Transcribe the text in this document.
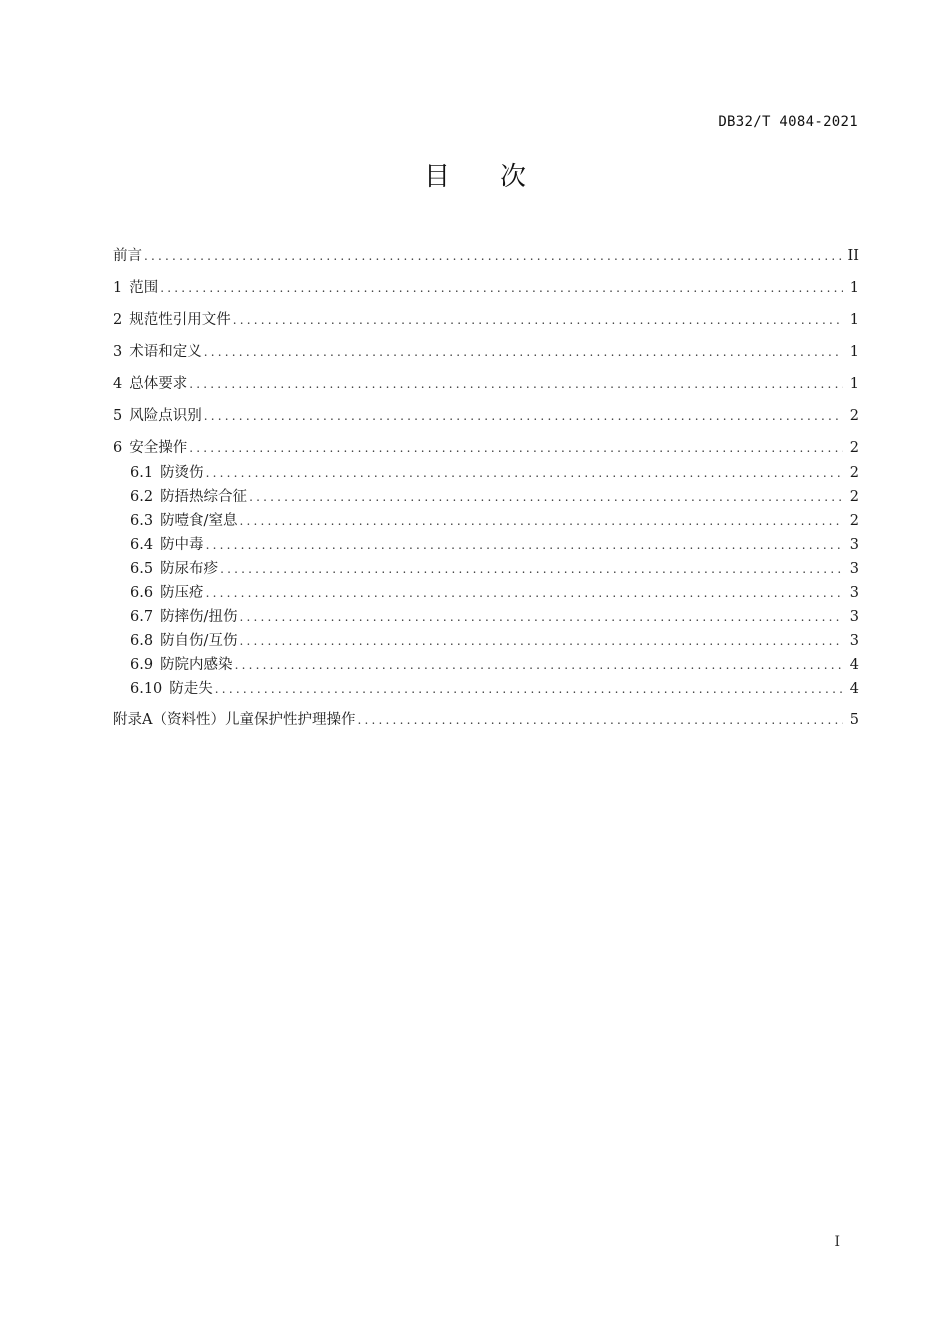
DB32/T 4084-2021
目 次
前言 .....	II
1 范围 .....	1
2 规范性引用文件 .....	1
3 术语和定义 .....	1
4 总体要求 .....	1
5 风险点识别 .....	2
6 安全操作 .....	2
6.1 防烫伤 .....	2
6.2 防捂热综合征 .....	2
6.3 防噎食/窒息 .....	2
6.4 防中毒 .....	3
6.5 防尿布疹 .....	3
6.6 防压疮 .....	3
6.7 防摔伤/扭伤 .....	3
6.8 防自伤/互伤 .....	3
6.9 防院内感染 .....	4
6.10 防走失 .....	4
附录A（资料性）儿童保护性护理操作 .....	5
I
